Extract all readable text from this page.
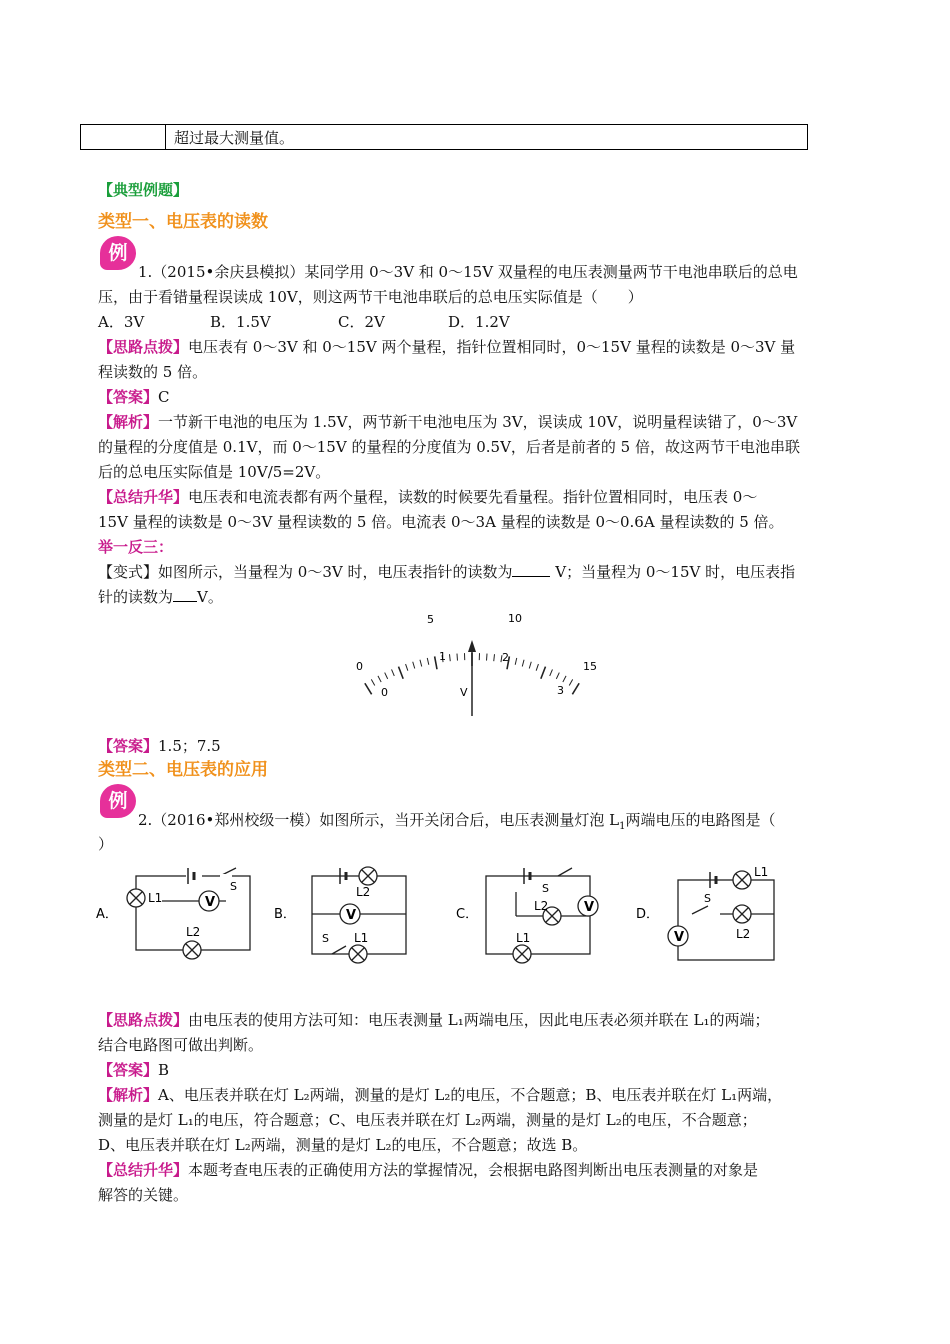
	超过最大测量值。
【典型例题】
类型一、电压表的读数
例
1.（2015•余庆县模拟）某同学用 0～3V 和 0～15V 双量程的电压表测量两节干电池串联后的总电
压，由于看错量程误读成 10V，则这两节干电池串联后的总电压实际值是（　　）
A．3V	B．1.5V	C．2V	D．1.2V
【思路点拨】电压表有 0～3V 和 0～15V 两个量程，指针位置相同时，0～15V 量程的读数是 0～3V 量
程读数的 5 倍。
【答案】C
【解析】一节新干电池的电压为 1.5V，两节新干电池电压为 3V，误读成 10V，说明量程读错了，0～3V
的量程的分度值是 0.1V，而 0～15V 的量程的分度值为 0.5V，后者是前者的 5 倍，故这两节干电池串联
后的总电压实际值是 10V/5=2V。
【总结升华】电压表和电流表都有两个量程，读数的时候要先看量程。指针位置相同时，电压表 0～
15V 量程的读数是 0～3V 量程读数的 5 倍。电流表 0～3A 量程的读数是 0～0.6A 量程读数的 5 倍。
举一反三：
【变式】如图所示，当量程为 0～3V 时，电压表指针的读数为	V；当量程为 0～15V 时，电压表指
针的读数为 V。
5	10
0	15
0
1	2
3
V
【答案】1.5；7.5
类型二、电压表的应用
例
2.（2016•郑州校级一模）如图所示，当开关闭合后，电压表测量灯泡 $L_1$两端电压的电路图是（
）
V
S
L1
L2
L2
S L1
S
L2
L1
L1
S
L2
A．	B．	C．	D．
【思路点拨】由电压表的使用方法可知：电压表测量 L₁两端电压，因此电压表必须并联在 L₁的两端；
结合电路图可做出判断。
【答案】B
【解析】A、电压表并联在灯 L₂两端，测量的是灯 L₂的电压，不合题意；B、电压表并联在灯 L₁两端，
测量的是灯 L₁的电压，符合题意；C、电压表并联在灯 L₂两端，测量的是灯 L₂的电压，不合题意；
D、电压表并联在灯 L₂两端，测量的是灯 L₂的电压，不合题意；故选 B。
【总结升华】本题考查电压表的正确使用方法的掌握情况，会根据电路图判断出电压表测量的对象是
解答的关键。
